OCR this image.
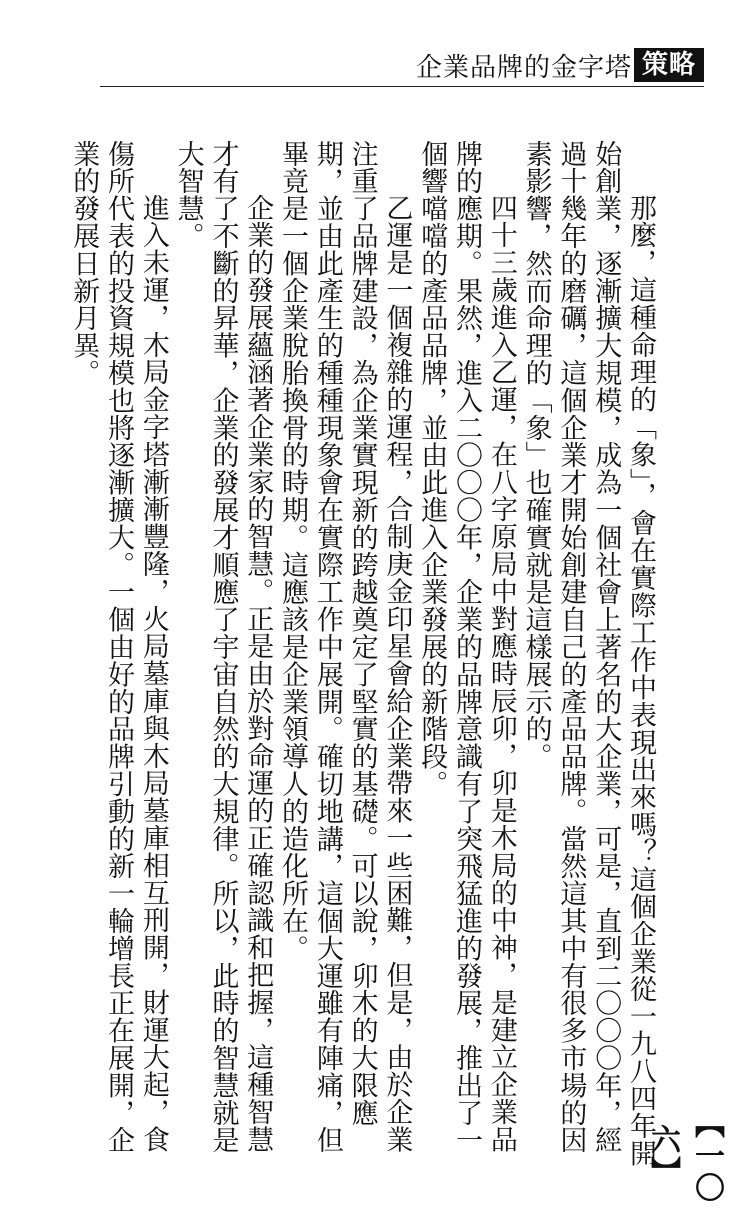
企業品牌的金字塔 策略

那麼，這種命理的「象」，會在實際工作中表現出來嗎？這個企業從一九八四年開始創業，逐漸擴大規模，成為一個社會上著名的大企業，可是，直到二〇〇〇年，經過十幾年的磨礪，這個企業才開始創建自己的產品品牌。當然這其中有很多市場的因素影響，然而命理的「象」也確實就是這樣展示的。

四十三歲進入乙運，在八字原局中對應時辰卯，卯是木局的中神，是建立企業品牌的應期。果然，進入二〇〇〇年，企業的品牌意識有了突飛猛進的發展，推出了一個響噹噹的產品品牌，並由此進入企業發展的新階段。

乙運是一個複雜的運程，合制庚金印星會給企業帶來一些困難，但是，由於企業注重了品牌建設，為企業實現新的跨越奠定了堅實的基礎。可以說，卯木的大限應期，並由此產生的種種現象會在實際工作中展開。確切地講，這個大運雖有陣痛，但畢竟是一個企業脫胎換骨的時期。這應該是企業領導人的造化所在。

企業的發展蘊涵著企業家的智慧。正是由於對命運的正確認識和把握，這種智慧才有了不斷的昇華，企業的發展才順應了宇宙自然的大規律。所以，此時的智慧就是大智慧。

進入未運，木局金字塔漸漸豐隆，火局墓庫與木局墓庫相互刑開，財運大起，食傷所代表的投資規模也將逐漸擴大。一個由好的品牌引動的新一輪增長正在展開，企業的發展日新月異。

【一〇六】
